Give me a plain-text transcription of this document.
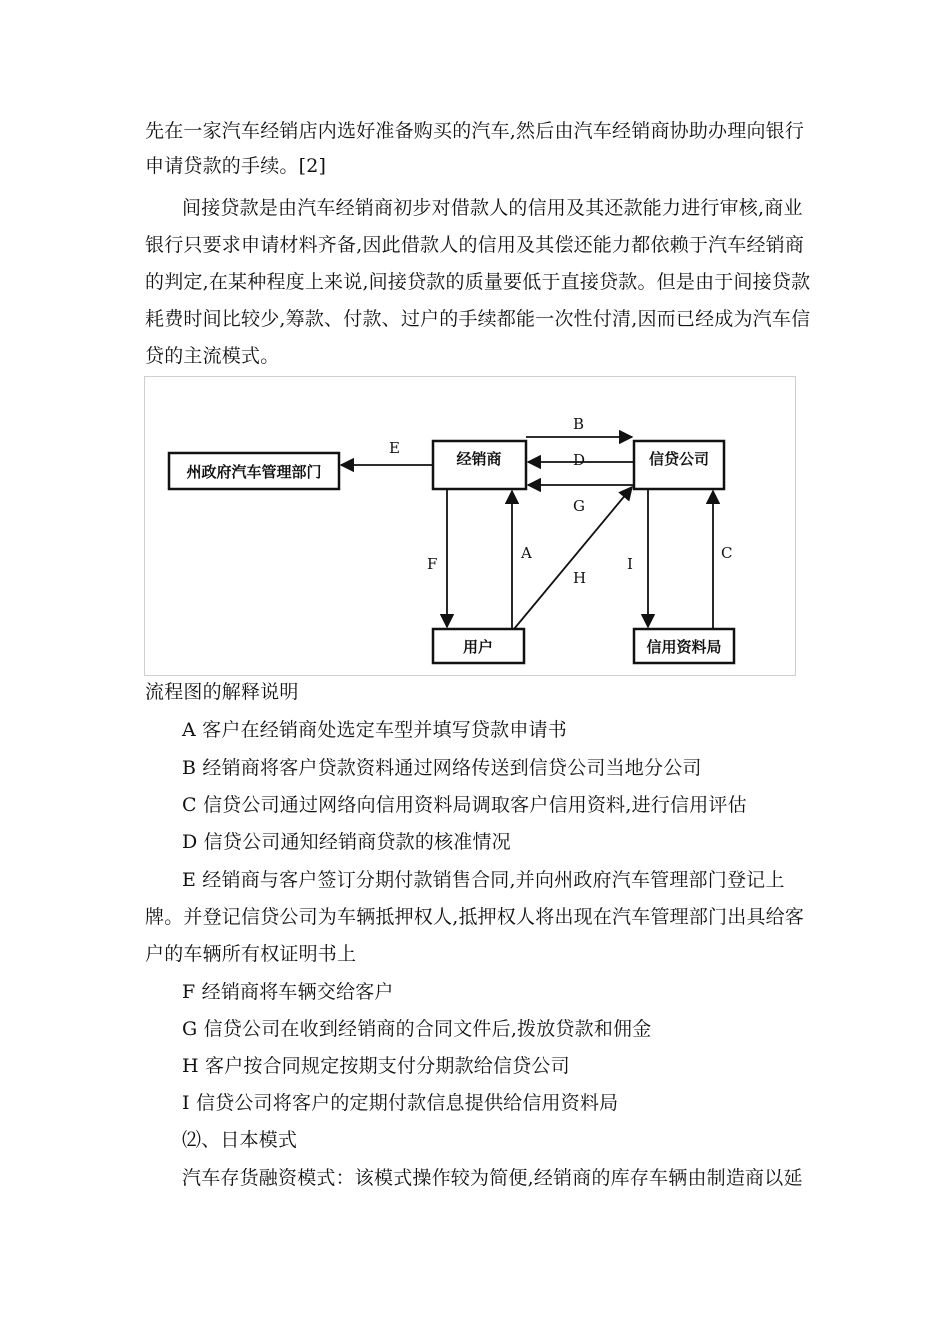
先在一家汽车经销店内选好准备购买的汽车,然后由汽车经销商协助办理向银行
申请贷款的手续。[2]
间接贷款是由汽车经销商初步对借款人的信用及其还款能力进行审核,商业
银行只要求申请材料齐备,因此借款人的信用及其偿还能力都依赖于汽车经销商
的判定,在某种程度上来说,间接贷款的质量要低于直接贷款。但是由于间接贷款
耗费时间比较少,筹款、付款、过户的手续都能一次性付清,因而已经成为汽车信
贷的主流模式。
州政府汽车管理部门
经销商	信贷公司
用户	信用资料局
E
B
D
G
F
A
H
I
C
流程图的解释说明
A 客户在经销商处选定车型并填写贷款申请书
B 经销商将客户贷款资料通过网络传送到信贷公司当地分公司
C 信贷公司通过网络向信用资料局调取客户信用资料,进行信用评估
D 信贷公司通知经销商贷款的核准情况
E 经销商与客户签订分期付款销售合同,并向州政府汽车管理部门登记上
牌。并登记信贷公司为车辆抵押权人,抵押权人将出现在汽车管理部门出具给客
户的车辆所有权证明书上
F 经销商将车辆交给客户
G 信贷公司在收到经销商的合同文件后,拨放贷款和佣金
H 客户按合同规定按期支付分期款给信贷公司
I 信贷公司将客户的定期付款信息提供给信用资料局
⑵、日本模式
汽车存货融资模式：该模式操作较为简便,经销商的库存车辆由制造商以延
